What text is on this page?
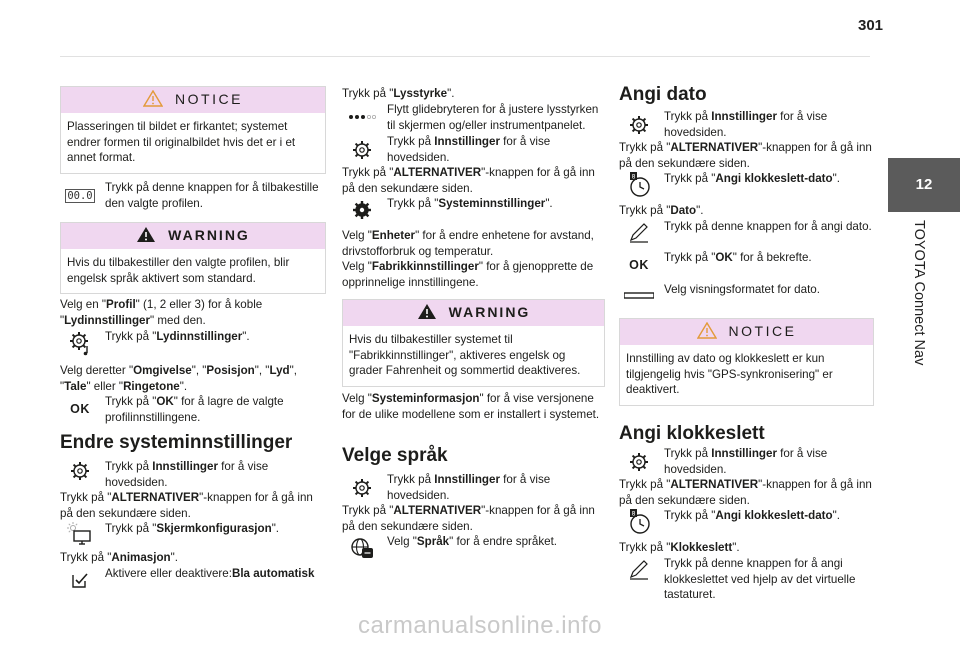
301
12
TOYOTA Connect Nav
NOTICE
Plasseringen til bildet er firkantet; systemet endrer formen til originalbildet hvis det er i et annet format.
00.0
Trykk på denne knappen for å tilbakestille den valgte profilen.
WARNING
Hvis du tilbakestiller den valgte profilen, blir engelsk språk aktivert som standard.
Velg en "Profil" (1, 2 eller 3) for å koble
"Lydinnstillinger" med den.
Trykk på "Lydinnstillinger".
Velg deretter "Omgivelse", "Posisjon", "Lyd",
"Tale" eller "Ringetone".
OK
Trykk på "OK" for å lagre de valgte profilinnstillingene.
Endre systeminnstillinger
Trykk på Innstillinger for å vise hovedsiden.
Trykk på "ALTERNATIVER"-knappen for å gå inn på den sekundære siden.
Trykk på "Skjermkonfigurasjon".
Trykk på "Animasjon".
Aktivere eller deaktivere:Bla automatisk
Trykk på "Lysstyrke".
Flytt glidebryteren for å justere lysstyrken til skjermen og/eller instrumentpanelet.
Trykk på Innstillinger for å vise hovedsiden.
Trykk på "ALTERNATIVER"-knappen for å gå inn på den sekundære siden.
Trykk på "Systeminnstillinger".
Velg "Enheter" for å endre enhetene for avstand, drivstofforbruk og temperatur.
Velg "Fabrikkinnstillinger" for å gjenopprette de opprinnelige innstillingene.
WARNING
Hvis du tilbakestiller systemet til "Fabrikkinnstillinger", aktiveres engelsk og grader Fahrenheit og sommertid deaktiveres.
Velg "Systeminformasjon" for å vise versjonene for de ulike modellene som er installert i systemet.
Velge språk
Trykk på Innstillinger for å vise hovedsiden.
Trykk på "ALTERNATIVER"-knappen for å gå inn på den sekundære siden.
Velg "Språk" for å endre språket.
Angi dato
Trykk på Innstillinger for å vise hovedsiden.
Trykk på "ALTERNATIVER"-knappen for å gå inn på den sekundære siden.
8 Trykk på "Angi klokkeslett-dato".
Trykk på "Dato".
Trykk på denne knappen for å angi dato.
OK
Trykk på "OK" for å bekrefte.
Velg visningsformatet for dato.
NOTICE
Innstilling av dato og klokkeslett er kun tilgjengelig hvis "GPS-synkronisering" er deaktivert.
Angi klokkeslett
Trykk på Innstillinger for å vise hovedsiden.
Trykk på "ALTERNATIVER"-knappen for å gå inn på den sekundære siden.
8 Trykk på "Angi klokkeslett-dato".
Trykk på "Klokkeslett".
Trykk på denne knappen for å angi klokkeslettet ved hjelp av det virtuelle tastaturet.
carmanualsonline.info
